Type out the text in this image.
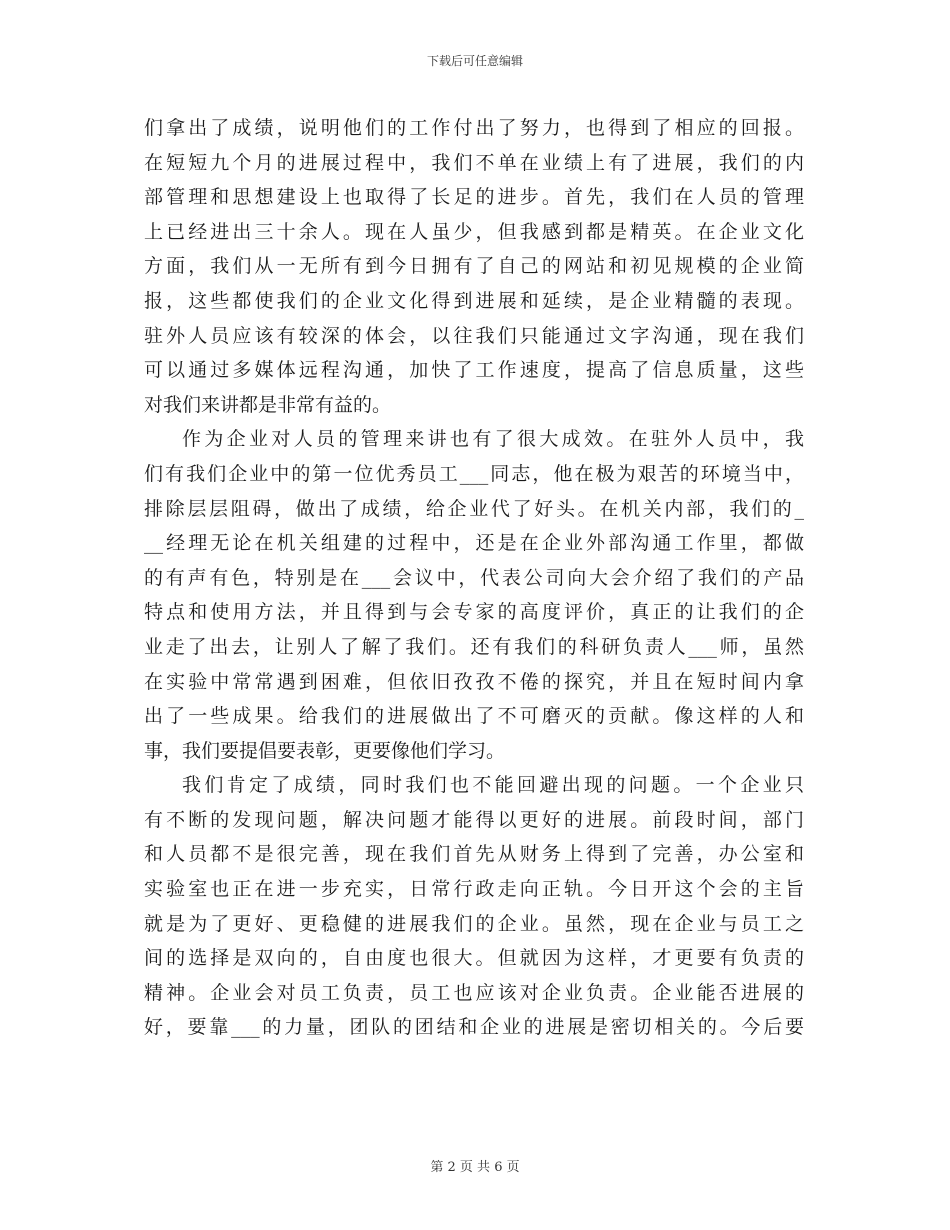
下载后可任意编辑
们拿出了成绩，说明他们的工作付出了努力，也得到了相应的回报。
在短短九个月的进展过程中，我们不单在业绩上有了进展，我们的内
部管理和思想建设上也取得了长足的进步。首先，我们在人员的管理
上已经进出三十余人。现在人虽少，但我感到都是精英。在企业文化
方面，我们从一无所有到今日拥有了自己的网站和初见规模的企业简
报，这些都使我们的企业文化得到进展和延续，是企业精髓的表现。
驻外人员应该有较深的体会，以往我们只能通过文字沟通，现在我们
可以通过多媒体远程沟通，加快了工作速度，提高了信息质量，这些
对我们来讲都是非常有益的。
作为企业对人员的管理来讲也有了很大成效。在驻外人员中，我
们有我们企业中的第一位优秀员工___同志，他在极为艰苦的环境当中，
排除层层阻碍，做出了成绩，给企业代了好头。在机关内部，我们的_
__经理无论在机关组建的过程中，还是在企业外部沟通工作里，都做
的有声有色，特别是在___会议中，代表公司向大会介绍了我们的产品
特点和使用方法，并且得到与会专家的高度评价，真正的让我们的企
业走了出去，让别人了解了我们。还有我们的科研负责人___师，虽然
在实验中常常遇到困难，但依旧孜孜不倦的探究，并且在短时间内拿
出了一些成果。给我们的进展做出了不可磨灭的贡献。像这样的人和
事，我们要提倡要表彰，更要像他们学习。
我们肯定了成绩，同时我们也不能回避出现的问题。一个企业只
有不断的发现问题，解决问题才能得以更好的进展。前段时间，部门
和人员都不是很完善，现在我们首先从财务上得到了完善，办公室和
实验室也正在进一步充实，日常行政走向正轨。今日开这个会的主旨
就是为了更好、更稳健的进展我们的企业。虽然，现在企业与员工之
间的选择是双向的，自由度也很大。但就因为这样，才更要有负责的
精神。企业会对员工负责，员工也应该对企业负责。企业能否进展的
好，要靠___的力量，团队的团结和企业的进展是密切相关的。今后要
第 2 页 共 6 页
